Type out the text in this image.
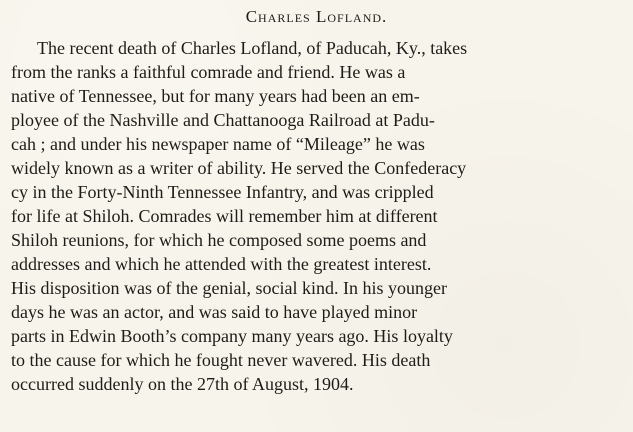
Charles Lofland.
The recent death of Charles Lofland, of Paducah, Ky., takes
from the ranks a faithful comrade and friend. He was a
native of Tennessee, but for many years had been an em-
ployee of the Nashville and Chattanooga Railroad at Padu-
cah ; and under his newspaper name of “Mileage” he was
widely known as a writer of ability. He served the Confederacy
cy in the Forty-Ninth Tennessee Infantry, and was crippled
for life at Shiloh. Comrades will remember him at different
Shiloh reunions, for which he composed some poems and
addresses and which he attended with the greatest interest.
His disposition was of the genial, social kind. In his younger
days he was an actor, and was said to have played minor
parts in Edwin Booth’s company many years ago. His loyalty
to the cause for which he fought never wavered. His death
occurred suddenly on the 27th of August, 1904.
